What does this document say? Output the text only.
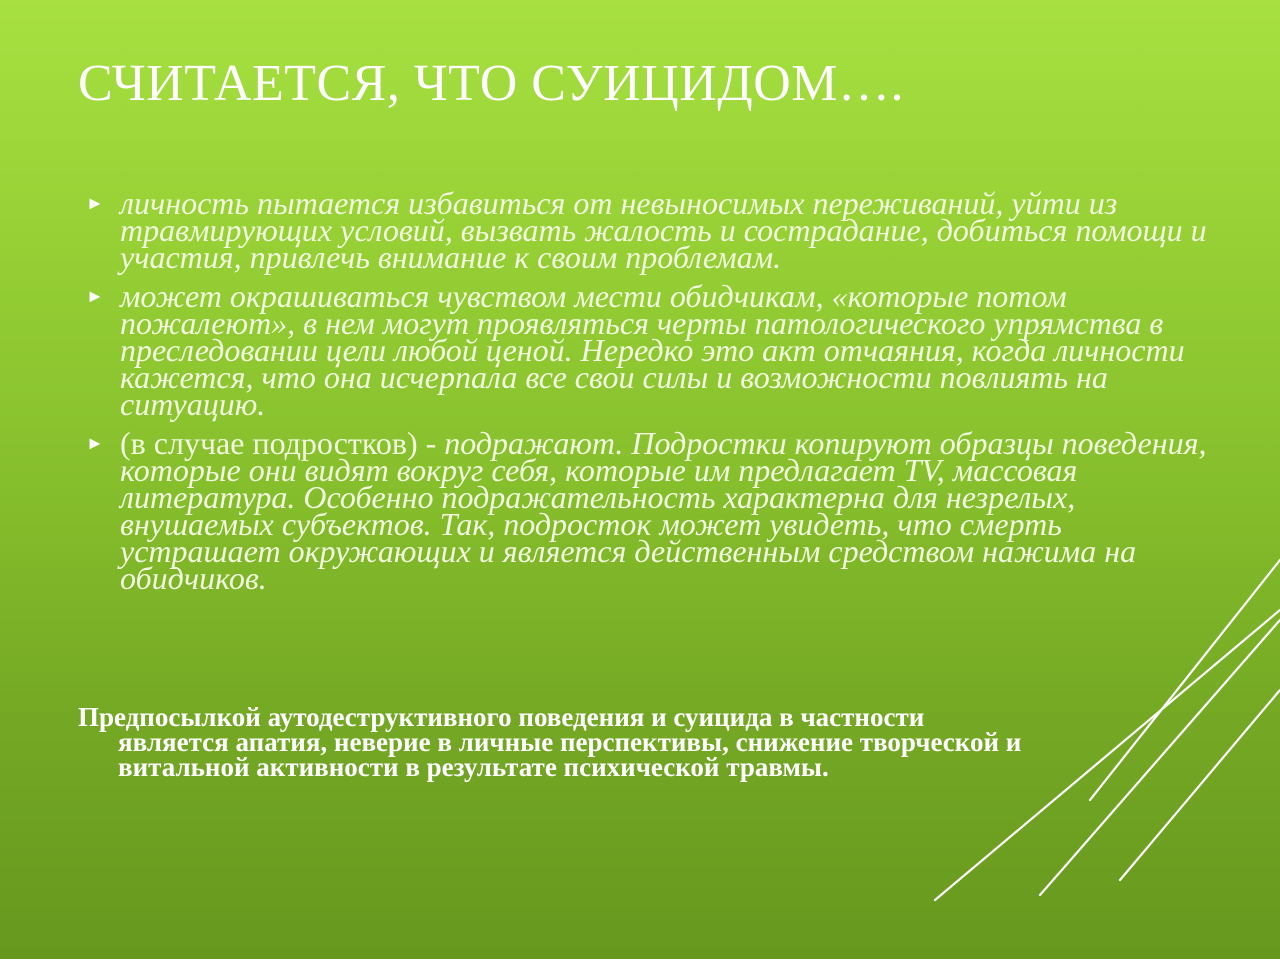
СЧИТАЕТСЯ, ЧТО СУИЦИДОМ….
► личность пытается избавиться от невыносимых переживаний, уйти из травмирующих условий, вызвать жалость и сострадание, добиться помощи и участия, привлечь внимание к своим проблемам.
► может окрашиваться чувством мести обидчикам, «которые потом пожалеют», в нем могут проявляться черты патологического упрямства в преследовании цели любой ценой. Нередко это акт отчаяния, когда личности кажется, что она исчерпала все свои силы и возможности повлиять на ситуацию.
► (в случае подростков) - подражают. Подростки копируют образцы поведения, которые они видят вокруг себя, которые им предлагает TV, массовая литература. Особенно подражательность характерна для незрелых, внушаемых субъектов. Так, подросток может увидеть, что смерть устрашает окружающих и является действенным средством нажима на обидчиков.

Предпосылкой аутодеструктивного поведения и суицида в частности
является апатия, неверие в личные перспективы, снижение творческой и витальной активности в результате психической травмы.
